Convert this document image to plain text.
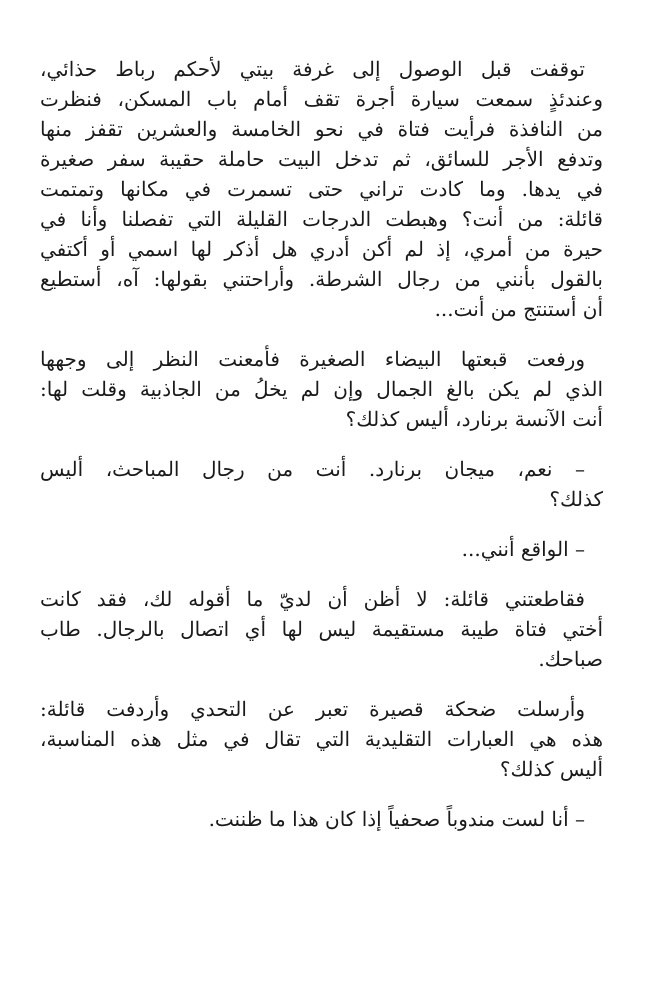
توقفت قبل الوصول إلى غرفة بيتي لأحكم رباط حذائي،
وعندئذٍ سمعت سيارة أجرة تقف أمام باب المسكن، فنظرت
من النافذة فرأيت فتاة في نحو الخامسة والعشرين تقفز منها
وتدفع الأجر للسائق، ثم تدخل البيت حاملة حقيبة سفر صغيرة
في يدها. وما كادت تراني حتى تسمرت في مكانها وتمتمت
قائلة: من أنت؟ وهبطت الدرجات القليلة التي تفصلنا وأنا في
حيرة من أمري، إذ لم أكن أدري هل أذكر لها اسمي أو أكتفي
بالقول بأنني من رجال الشرطة. وأراحتني بقولها: آه، أستطيع
أن أستنتج من أنت...
ورفعت قبعتها البيضاء الصغيرة فأمعنت النظر إلى وجهها
الذي لم يكن بالغ الجمال وإن لم يخلُ من الجاذبية وقلت لها:
أنت الآنسة برنارد، أليس كذلك؟
– نعم، ميجان برنارد. أنت من رجال المباحث، أليس
كذلك؟
– الواقع أنني...
فقاطعتني قائلة: لا أظن أن لديّ ما أقوله لك، فقد كانت
أختي فتاة طيبة مستقيمة ليس لها أي اتصال بالرجال. طاب
صباحك.
وأرسلت ضحكة قصيرة تعبر عن التحدي وأردفت قائلة:
هذه هي العبارات التقليدية التي تقال في مثل هذه المناسبة،
أليس كذلك؟
– أنا لست مندوباً صحفياً إذا كان هذا ما ظننت.
